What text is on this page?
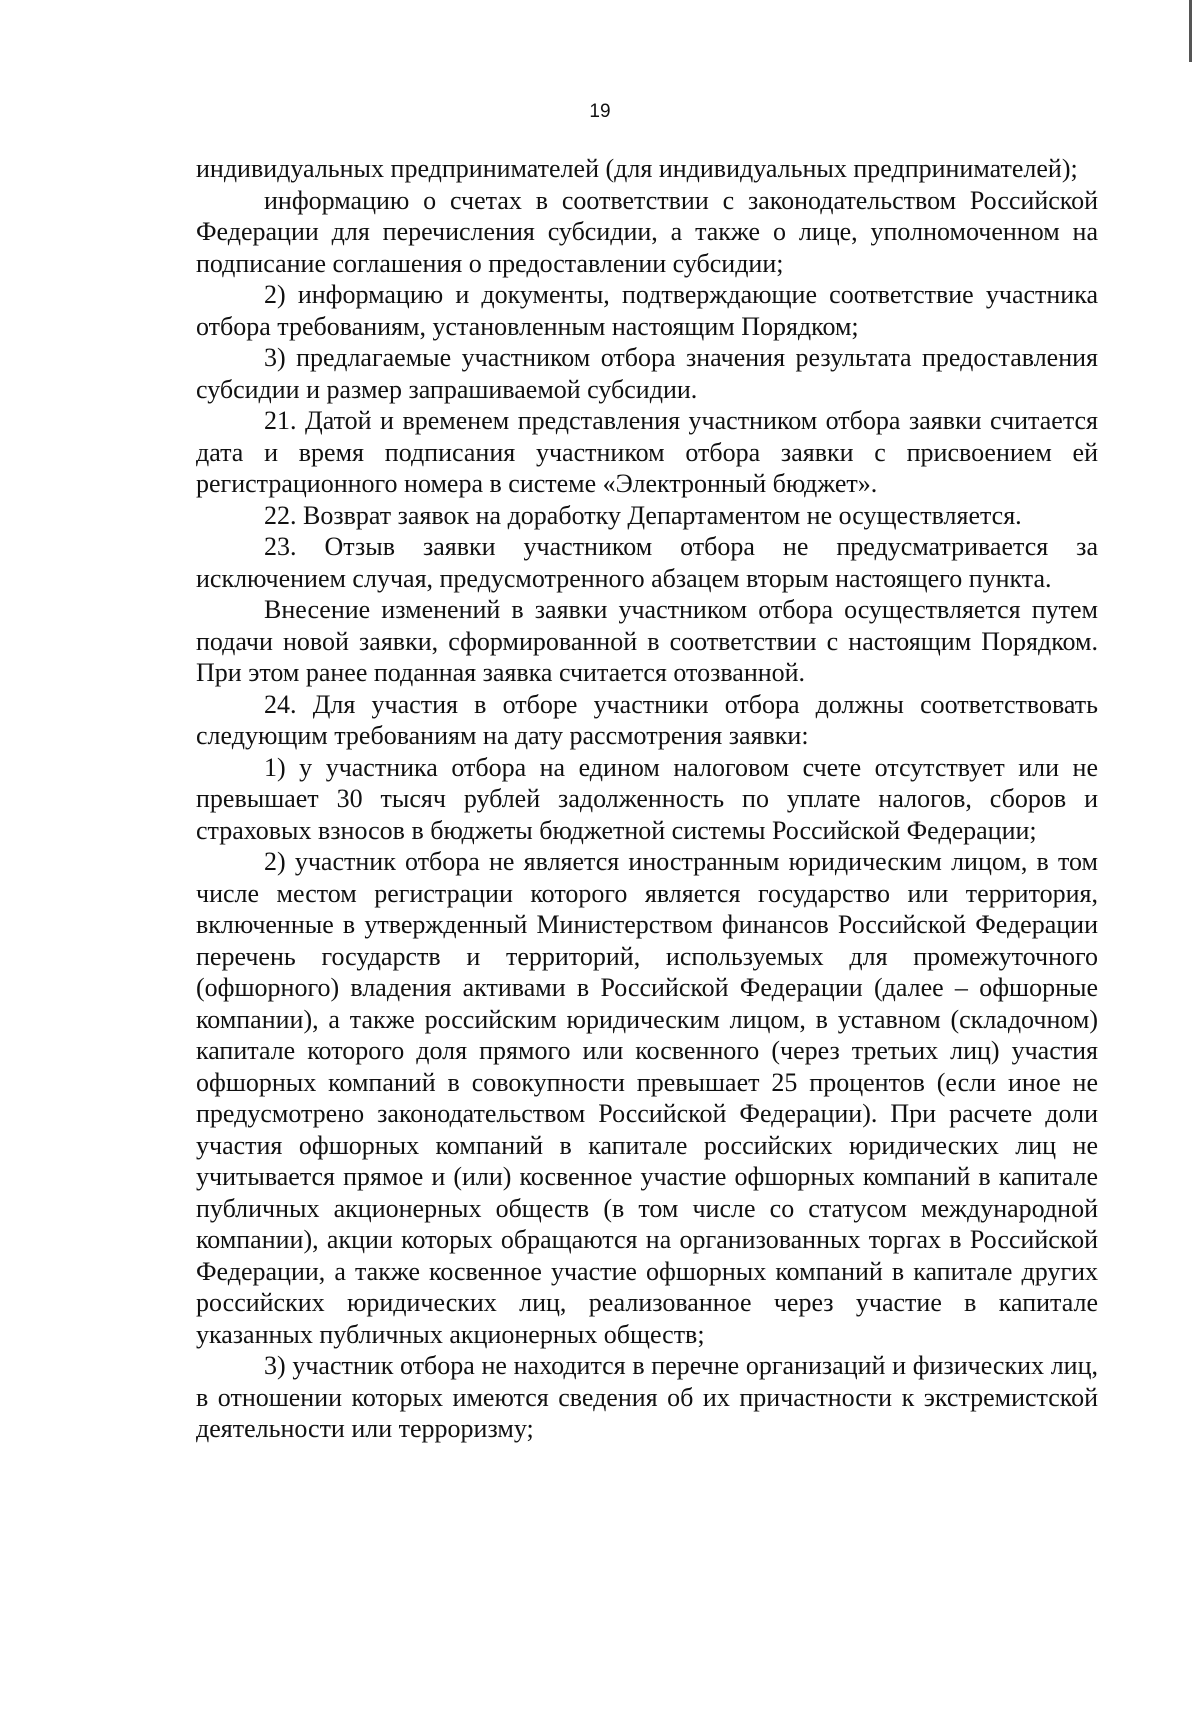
19

индивидуальных предпринимателей (для индивидуальных предпринимателей);

информацию о счетах в соответствии с законодательством Российской Федерации для перечисления субсидии, а также о лице, уполномоченном на подписание соглашения о предоставлении субсидии;

2) информацию и документы, подтверждающие соответствие участника отбора требованиям, установленным настоящим Порядком;

3) предлагаемые участником отбора значения результата предоставления субсидии и размер запрашиваемой субсидии.

21. Датой и временем представления участником отбора заявки считается дата и время подписания участником отбора заявки с присвоением ей регистрационного номера в системе «Электронный бюджет».

22. Возврат заявок на доработку Департаментом не осуществляется.

23. Отзыв заявки участником отбора не предусматривается за исключением случая, предусмотренного абзацем вторым настоящего пункта.

Внесение изменений в заявки участником отбора осуществляется путем подачи новой заявки, сформированной в соответствии с настоящим Порядком. При этом ранее поданная заявка считается отозванной.

24. Для участия в отборе участники отбора должны соответствовать следующим требованиям на дату рассмотрения заявки:

1) у участника отбора на едином налоговом счете отсутствует или не превышает 30 тысяч рублей задолженность по уплате налогов, сборов и страховых взносов в бюджеты бюджетной системы Российской Федерации;

2) участник отбора не является иностранным юридическим лицом, в том числе местом регистрации которого является государство или территория, включенные в утвержденный Министерством финансов Российской Федерации перечень государств и территорий, используемых для промежуточного (офшорного) владения активами в Российской Федерации (далее – офшорные компании), а также российским юридическим лицом, в уставном (складочном) капитале которого доля прямого или косвенного (через третьих лиц) участия офшорных компаний в совокупности превышает 25 процентов (если иное не предусмотрено законодательством Российской Федерации). При расчете доли участия офшорных компаний в капитале российских юридических лиц не учитывается прямое и (или) косвенное участие офшорных компаний в капитале публичных акционерных обществ (в том числе со статусом международной компании), акции которых обращаются на организованных торгах в Российской Федерации, а также косвенное участие офшорных компаний в капитале других российских юридических лиц, реализованное через участие в капитале указанных публичных акционерных обществ;

3) участник отбора не находится в перечне организаций и физических лиц, в отношении которых имеются сведения об их причастности к экстремистской деятельности или терроризму;
